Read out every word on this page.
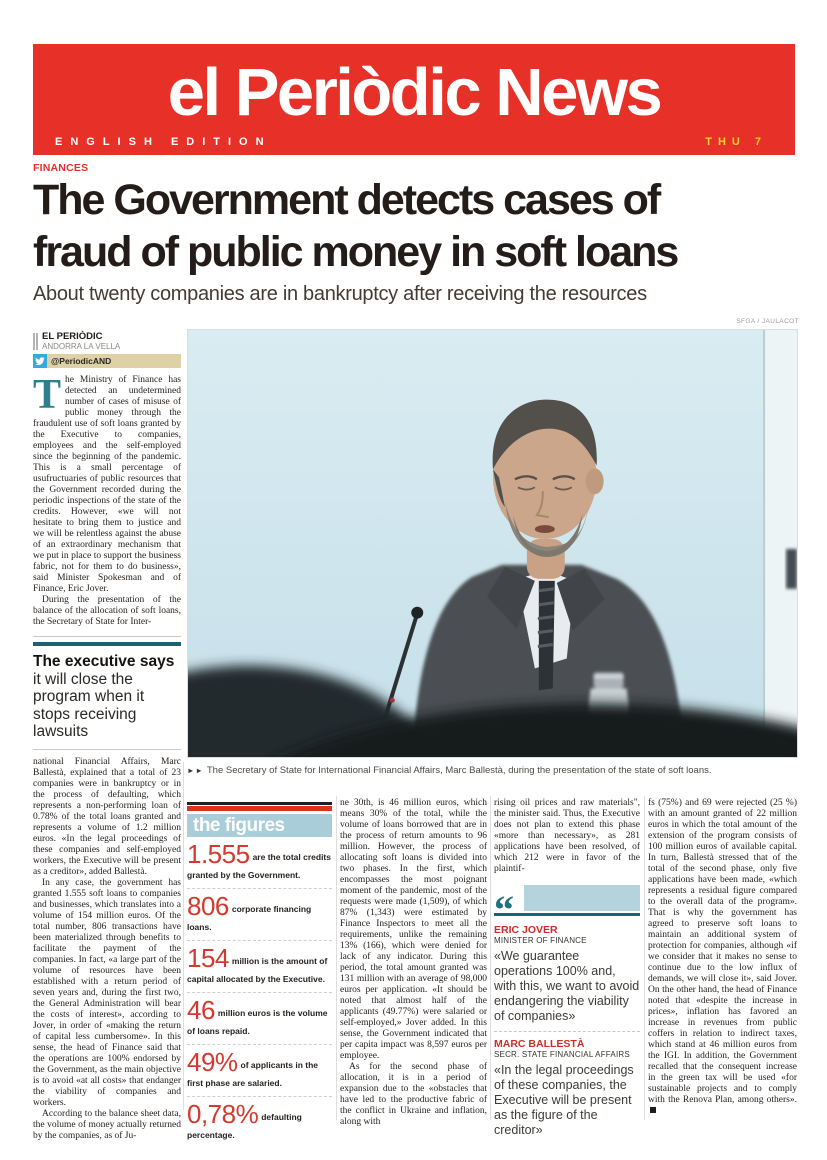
el Periòdic News
ENGLISH EDITION	THU 7
FINANCES
The Government detects cases of
fraud of public money in soft loans
About twenty companies are in bankruptcy after receiving the resources
SFGA / JAULACOT
►► The Secretary of State for International Financial Affairs, Marc Ballestà, during the presentation of the state of soft loans.
EL PERIÒDIC
ANDORRA LA VELLA
@PeriodicAND

The Ministry of Finance has detected an undetermined number of cases of misuse of public money through the fraudulent use of soft loans granted by the Executive to companies, employees and the self-employed since the beginning of the pandemic. This is a small percentage of usufructuaries of public resources that the Government recorded during the periodic inspections of the state of the credits. However, «we will not hesitate to bring them to justice and we will be relentless against the abuse of an extraordinary mechanism that we put in place to support the business fabric, not for them to do business», said Minister Spokesman and of Finance, Eric Jover.

During the presentation of the balance of the allocation of soft loans, the Secretary of State for Inter-

The executive says it will close the program when it stops receiving lawsuits

national Financial Affairs, Marc Ballestà, explained that a total of 23 companies were in bankruptcy or in the process of defaulting, which represents a non-performing loan of 0.78% of the total loans granted and represents a volume of 1.2 million euros. «In the legal proceedings of these companies and self-employed workers, the Executive will be present as a creditor», added Ballestà.

In any case, the government has granted 1.555 soft loans to companies and businesses, which translates into a volume of 154 million euros. Of the total number, 806 transactions have been materialized through benefits to facilitate the payment of the companies. In fact, «a large part of the volume of resources have been established with a return period of seven years and, during the first two, the General Administration will bear the costs of interest», according to Jover, in order of «making the return of capital less cumbersome». In this sense, the head of Finance said that the operations are 100% endorsed by the Government, as the main objective is to avoid «at all costs» that endanger the viability of companies and workers.

According to the balance sheet data, the volume of money actually returned by the companies, as of Ju-

the figures
1.555 are the total credits granted by the Government.
806 corporate financing loans.
154 million is the amount of capital allocated by the Executive.
46 million euros is the volume of loans repaid.
49% of applicants in the first phase are salaried.
0,78% defaulting percentage.

ne 30th, is 46 million euros, which means 30% of the total, while the volume of loans borrowed that are in the process of return amounts to 96 million. However, the process of allocating soft loans is divided into two phases. In the first, which encompasses the most poignant moment of the pandemic, most of the requests were made (1,509), of which 87% (1,343) were estimated by Finance Inspectors to meet all the requirements, unlike the remaining 13% (166), which were denied for lack of any indicator. During this period, the total amount granted was 131 million with an average of 98,000 euros per application. «It should be noted that almost half of the applicants (49.77%) were salaried or self-employed,» Jover added. In this sense, the Government indicated that per capita impact was 8,597 euros per employee.

As for the second phase of allocation, it is in a period of expansion due to the «obstacles that have led to the productive fabric of the conflict in Ukraine and inflation, along with

rising oil prices and raw materials", the minister said. Thus, the Executive does not plan to extend this phase «more than necessary», as 281 applications have been resolved, of which 212 were in favor of the plaintif-

“
ERIC JOVER
MINISTER OF FINANCE
«We guarantee operations 100% and, with this, we want to avoid endangering the viability of companies»
MARC BALLESTÀ
SECR. STATE FINANCIAL AFFAIRS
«In the legal proceedings of these companies, the Executive will be present as the figure of the creditor»

fs (75%) and 69 were rejected (25 %) with an amount granted of 22 million euros in which the total amount of the extension of the program consists of 100 million euros of available capital. In turn, Ballestà stressed that of the total of the second phase, only five applications have been made, «which represents a residual figure compared to the overall data of the program». That is why the government has agreed to preserve soft loans to maintain an additional system of protection for companies, although «if we consider that it makes no sense to continue due to the low influx of demands, we will close it», said Jover. On the other hand, the head of Finance noted that «despite the increase in prices», inflation has favored an increase in revenues from public coffers in relation to indirect taxes, which stand at 46 million euros from the IGI. In addition, the Government recalled that the consequent increase in the green tax will be used «for sustainable projects and to comply with the Renova Plan, among others».
